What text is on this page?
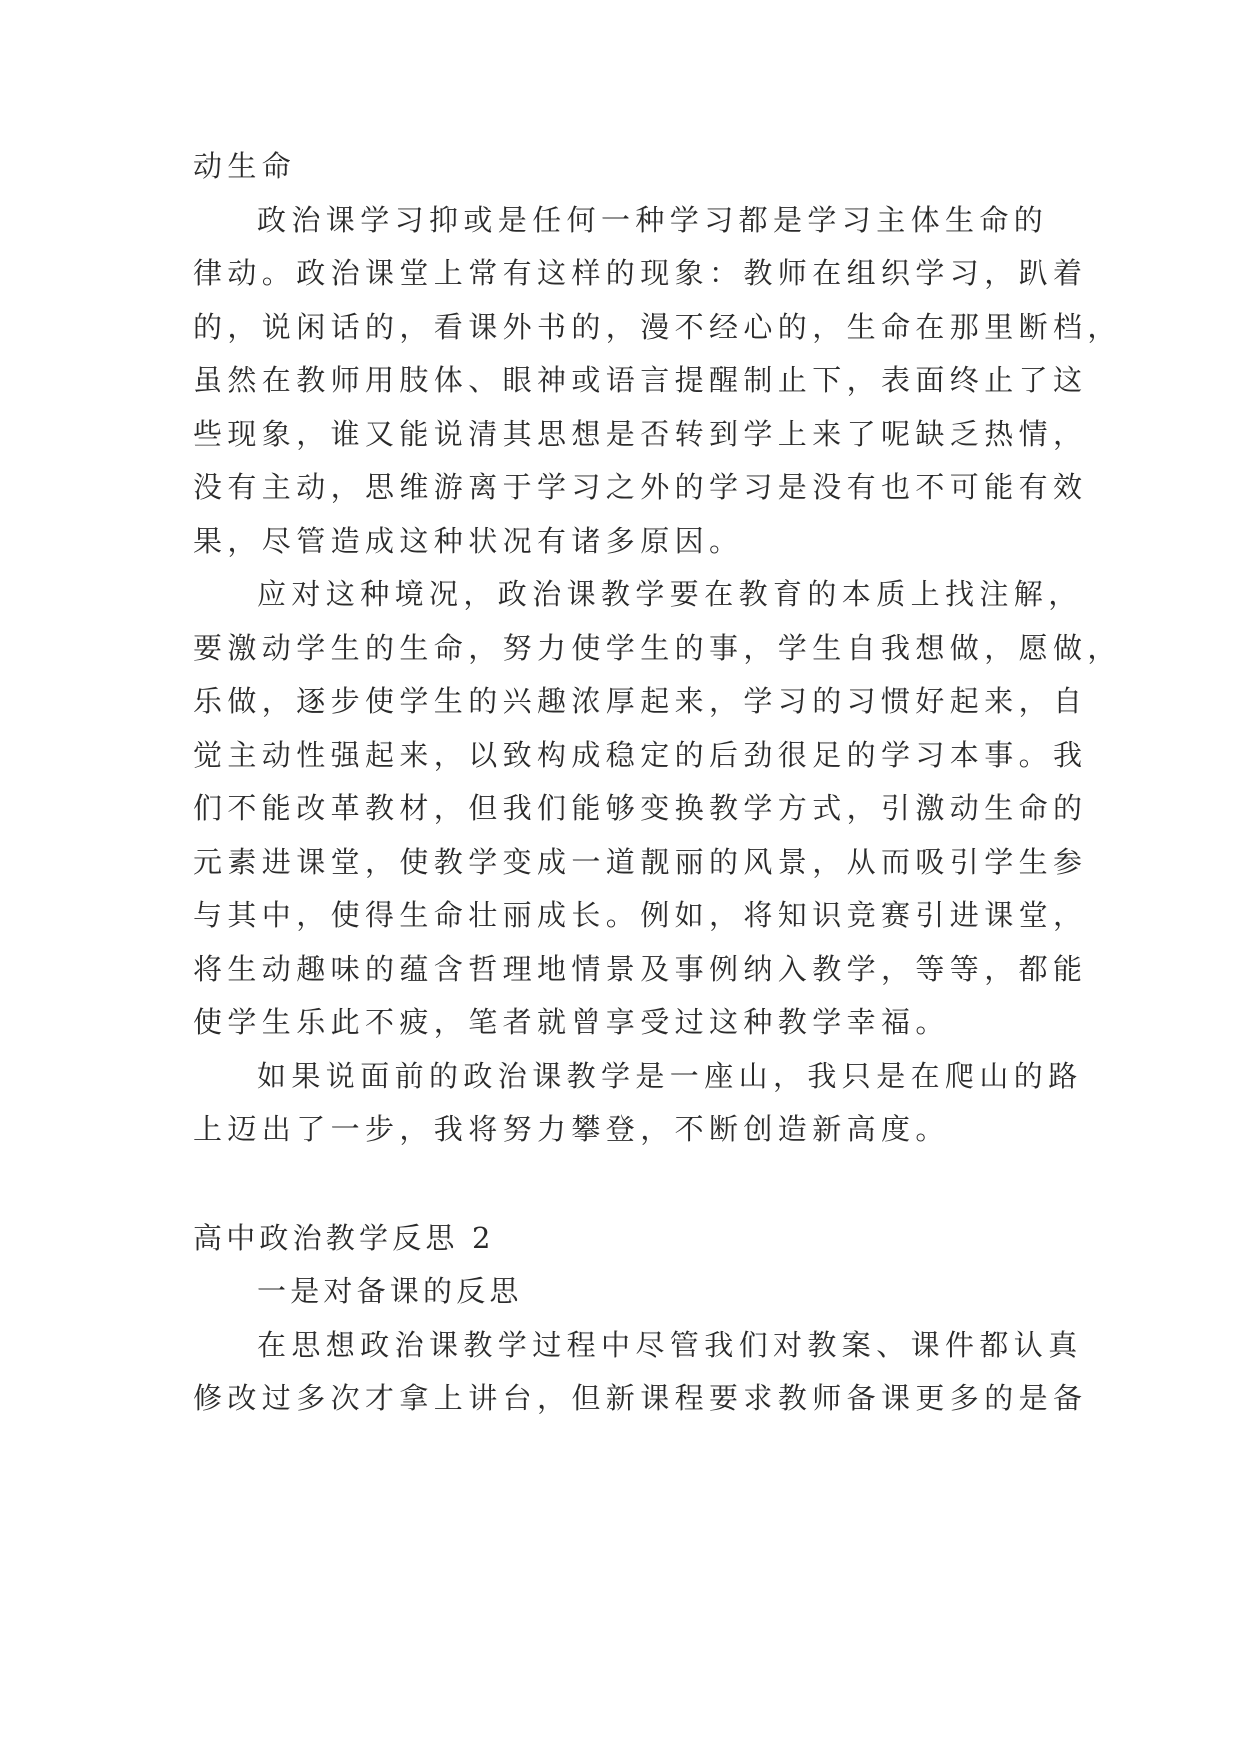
动生命
政治课学习抑或是任何一种学习都是学习主体生命的
律动。政治课堂上常有这样的现象：教师在组织学习，趴着
的，说闲话的，看课外书的，漫不经心的，生命在那里断档，
虽然在教师用肢体、眼神或语言提醒制止下，表面终止了这
些现象，谁又能说清其思想是否转到学上来了呢缺乏热情，
没有主动，思维游离于学习之外的学习是没有也不可能有效
果，尽管造成这种状况有诸多原因。
应对这种境况，政治课教学要在教育的本质上找注解，
要激动学生的生命，努力使学生的事，学生自我想做，愿做，
乐做，逐步使学生的兴趣浓厚起来，学习的习惯好起来，自
觉主动性强起来，以致构成稳定的后劲很足的学习本事。我
们不能改革教材，但我们能够变换教学方式，引激动生命的
元素进课堂，使教学变成一道靓丽的风景，从而吸引学生参
与其中，使得生命壮丽成长。例如，将知识竞赛引进课堂，
将生动趣味的蕴含哲理地情景及事例纳入教学，等等，都能
使学生乐此不疲，笔者就曾享受过这种教学幸福。
如果说面前的政治课教学是一座山，我只是在爬山的路
上迈出了一步，我将努力攀登，不断创造新高度。
高中政治教学反思 2
一是对备课的反思
在思想政治课教学过程中尽管我们对教案、课件都认真
修改过多次才拿上讲台，但新课程要求教师备课更多的是备
